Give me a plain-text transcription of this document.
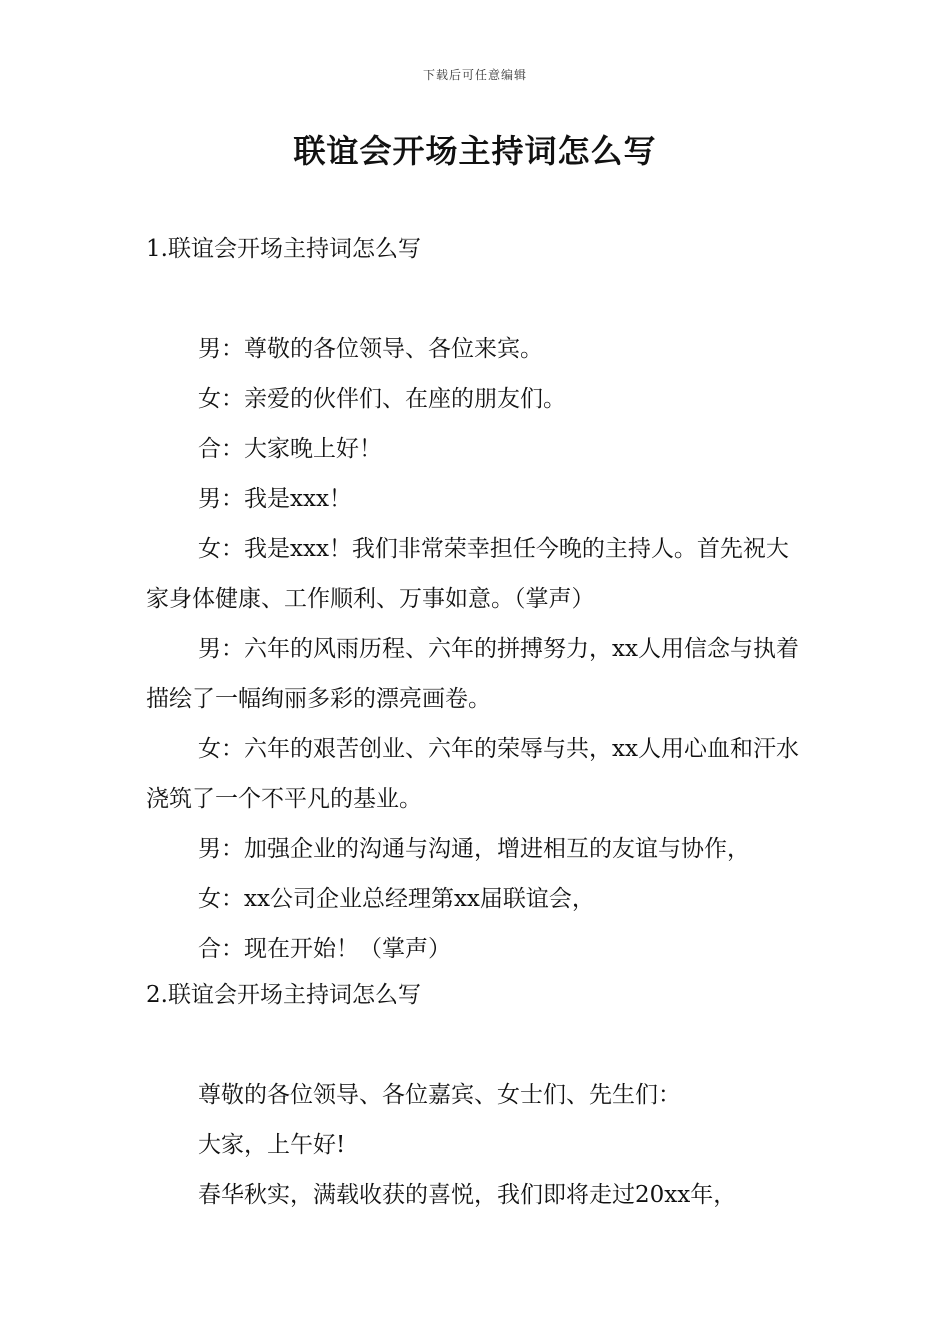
下载后可任意编辑
联谊会开场主持词怎么写
1.联谊会开场主持词怎么写

男：尊敬的各位领导、各位来宾。

女：亲爱的伙伴们、在座的朋友们。

合：大家晚上好！

男：我是xxx！

女：我是xxx！我们非常荣幸担任今晚的主持人。首先祝大家身体健康、工作顺利、万事如意。（掌声）

男：六年的风雨历程、六年的拼搏努力，xx人用信念与执着描绘了一幅绚丽多彩的漂亮画卷。

女：六年的艰苦创业、六年的荣辱与共，xx人用心血和汗水浇筑了一个不平凡的基业。

男：加强企业的沟通与沟通，增进相互的友谊与协作，

女：xx公司企业总经理第xx届联谊会，

合：现在开始！（掌声）

2.联谊会开场主持词怎么写

尊敬的各位领导、各位嘉宾、女士们、先生们：

大家，上午好!

春华秋实，满载收获的喜悦，我们即将走过20xx年，
